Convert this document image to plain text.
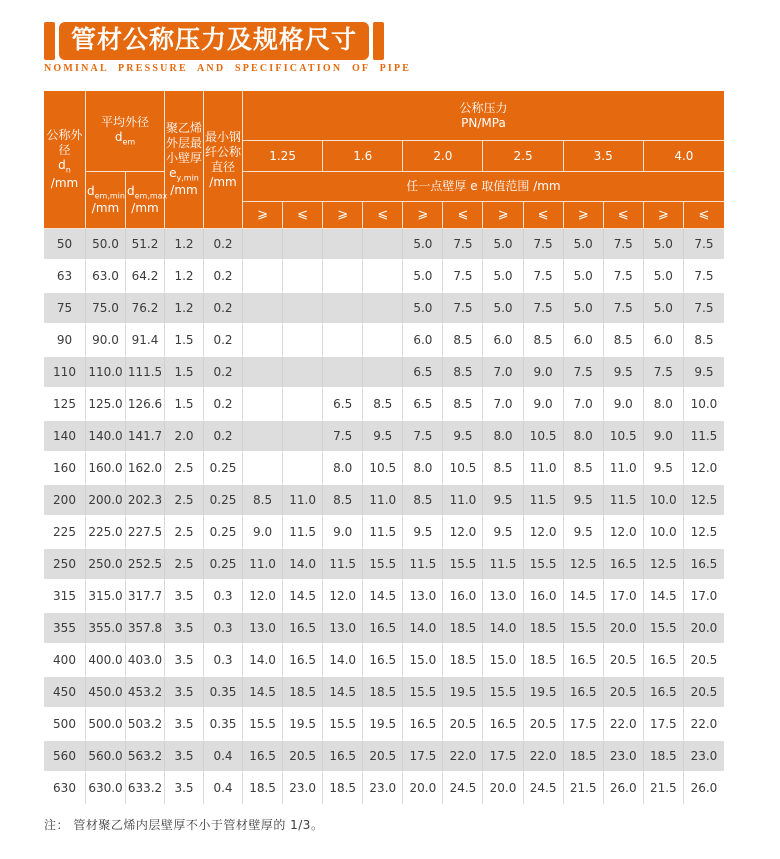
管材公称压力及规格尺寸
NOMINAL PRESSURE AND SPECIFICATION OF PIPE
公称外径
$d_n$
/mm	平均外径
$d_{em}$		聚乙烯外层最小壁厚
$e_{y,min}$
/mm	最小钢纤公称直径
/mm	公称压力
PN/MPa											

					1.25		1.6		2.0		2.5		3.5		4.0	

	$d_{em,min}$
/mm	$d_{em,max}$
/mm			任一点壁厚 e 取值范围 /mm											
					⩾	⩽	⩾	⩽	⩾	⩽	⩾	⩽	⩾	⩽	⩾	⩽
50	50.0	51.2	1.2	0.2					5.0	7.5	5.0	7.5	5.0	7.5	5.0	7.5
63	63.0	64.2	1.2	0.2					5.0	7.5	5.0	7.5	5.0	7.5	5.0	7.5
75	75.0	76.2	1.2	0.2					5.0	7.5	5.0	7.5	5.0	7.5	5.0	7.5
90	90.0	91.4	1.5	0.2					6.0	8.5	6.0	8.5	6.0	8.5	6.0	8.5
110	110.0	111.5	1.5	0.2					6.5	8.5	7.0	9.0	7.5	9.5	7.5	9.5
125	125.0	126.6	1.5	0.2			6.5	8.5	6.5	8.5	7.0	9.0	7.0	9.0	8.0	10.0
140	140.0	141.7	2.0	0.2			7.5	9.5	7.5	9.5	8.0	10.5	8.0	10.5	9.0	11.5
160	160.0	162.0	2.5	0.25			8.0	10.5	8.0	10.5	8.5	11.0	8.5	11.0	9.5	12.0
200	200.0	202.3	2.5	0.25	8.5	11.0	8.5	11.0	8.5	11.0	9.5	11.5	9.5	11.5	10.0	12.5
225	225.0	227.5	2.5	0.25	9.0	11.5	9.0	11.5	9.5	12.0	9.5	12.0	9.5	12.0	10.0	12.5
250	250.0	252.5	2.5	0.25	11.0	14.0	11.5	15.5	11.5	15.5	11.5	15.5	12.5	16.5	12.5	16.5
315	315.0	317.7	3.5	0.3	12.0	14.5	12.0	14.5	13.0	16.0	13.0	16.0	14.5	17.0	14.5	17.0
355	355.0	357.8	3.5	0.3	13.0	16.5	13.0	16.5	14.0	18.5	14.0	18.5	15.5	20.0	15.5	20.0
400	400.0	403.0	3.5	0.3	14.0	16.5	14.0	16.5	15.0	18.5	15.0	18.5	16.5	20.5	16.5	20.5
450	450.0	453.2	3.5	0.35	14.5	18.5	14.5	18.5	15.5	19.5	15.5	19.5	16.5	20.5	16.5	20.5
500	500.0	503.2	3.5	0.35	15.5	19.5	15.5	19.5	16.5	20.5	16.5	20.5	17.5	22.0	17.5	22.0
560	560.0	563.2	3.5	0.4	16.5	20.5	16.5	20.5	17.5	22.0	17.5	22.0	18.5	23.0	18.5	23.0
630	630.0	633.2	3.5	0.4	18.5	23.0	18.5	23.0	20.0	24.5	20.0	24.5	21.5	26.0	21.5	26.0
注： 管材聚乙烯内层壁厚不小于管材壁厚的 1/3。
